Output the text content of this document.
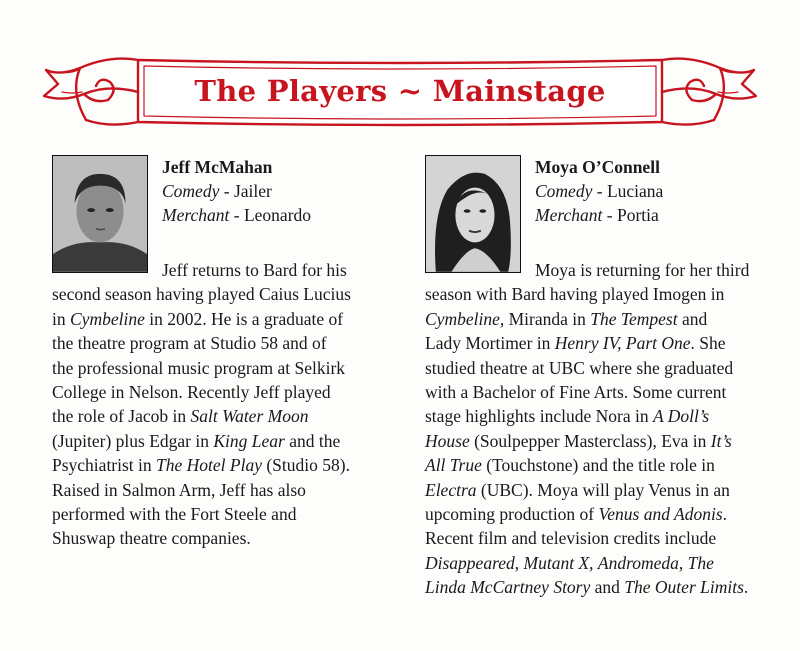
The Players ~ Mainstage
Jeff McMahan
Comedy - Jailer
Merchant - Leonardo
Jeff returns to Bard for his
second season having played Caius Lucius
in Cymbeline in 2002. He is a graduate of
the theatre program at Studio 58 and of
the professional music program at Selkirk
College in Nelson. Recently Jeff played
the role of Jacob in Salt Water Moon
(Jupiter) plus Edgar in King Lear and the
Psychiatrist in The Hotel Play (Studio 58).
Raised in Salmon Arm, Jeff has also
performed with the Fort Steele and
Shuswap theatre companies.
Moya O’Connell
Comedy - Luciana
Merchant - Portia
Moya is returning for her third
season with Bard having played Imogen in
Cymbeline, Miranda in The Tempest and
Lady Mortimer in Henry IV, Part One. She
studied theatre at UBC where she graduated
with a Bachelor of Fine Arts. Some current
stage highlights include Nora in A Doll’s
House (Soulpepper Masterclass), Eva in It’s
All True (Touchstone) and the title role in
Electra (UBC). Moya will play Venus in an
upcoming production of Venus and Adonis.
Recent film and television credits include
Disappeared, Mutant X, Andromeda, The
Linda McCartney Story and The Outer Limits.
